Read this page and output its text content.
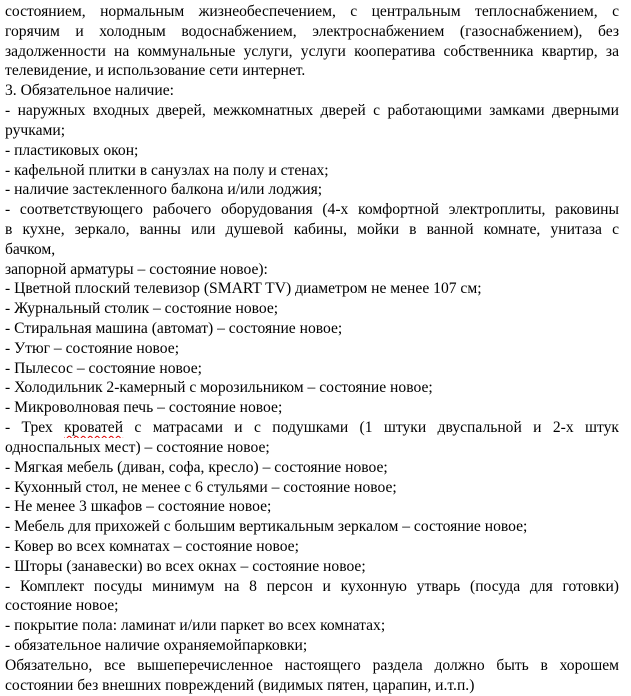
состоянием, нормальным жизнеобеспечением, с центральным теплоснабжением, с
горячим и холодным водоснабжением, электроснабжением (газоснабжением), без
задолженности на коммунальные услуги, услуги кооператива собственника квартир, за
телевидение, и использование сети интернет.
3. Обязательное наличие:
- наружных входных дверей, межкомнатных дверей с работающими замками дверными
ручками;
- пластиковых окон;
- кафельной плитки в санузлах на полу и стенах;
- наличие застекленного балкона и/или лоджия;
- соответствующего рабочего оборудования (4-х комфортной электроплиты, раковины
в кухне, зеркало, ванны или душевой кабины, мойки в ванной комнате, унитаза с
бачком,
запорной арматуры – состояние новое):
- Цветной плоский телевизор (SMART TV) диаметром не менее 107 см;
- Журнальный столик – состояние новое;
- Стиральная машина (автомат) – состояние новое;
- Утюг – состояние новое;
- Пылесос – состояние новое;
- Холодильник 2-камерный с морозильником – состояние новое;
- Микроволновая печь – состояние новое;
- Трех кроватей с матрасами и с подушками (1 штуки двуспальной и 2-х штук
односпальных мест) – состояние новое;
- Мягкая мебель (диван, софа, кресло) – состояние новое;
- Кухонный стол, не менее с 6 стульями – состояние новое;
- Не менее 3 шкафов – состояние новое;
- Мебель для прихожей с большим вертикальным зеркалом – состояние новое;
- Ковер во всех комнатах – состояние новое;
- Шторы (занавески) во всех окнах – состояние новое;
- Комплект посуды минимум на 8 персон и кухонную утварь (посуда для готовки)
состояние новое;
- покрытие пола: ламинат и/или паркет во всех комнатах;
- обязательное наличие охраняемойпарковки;
Обязательно, все вышеперечисленное настоящего раздела должно быть в хорошем
состоянии без внешних повреждений (видимых пятен, царапин, и.т.п.)
